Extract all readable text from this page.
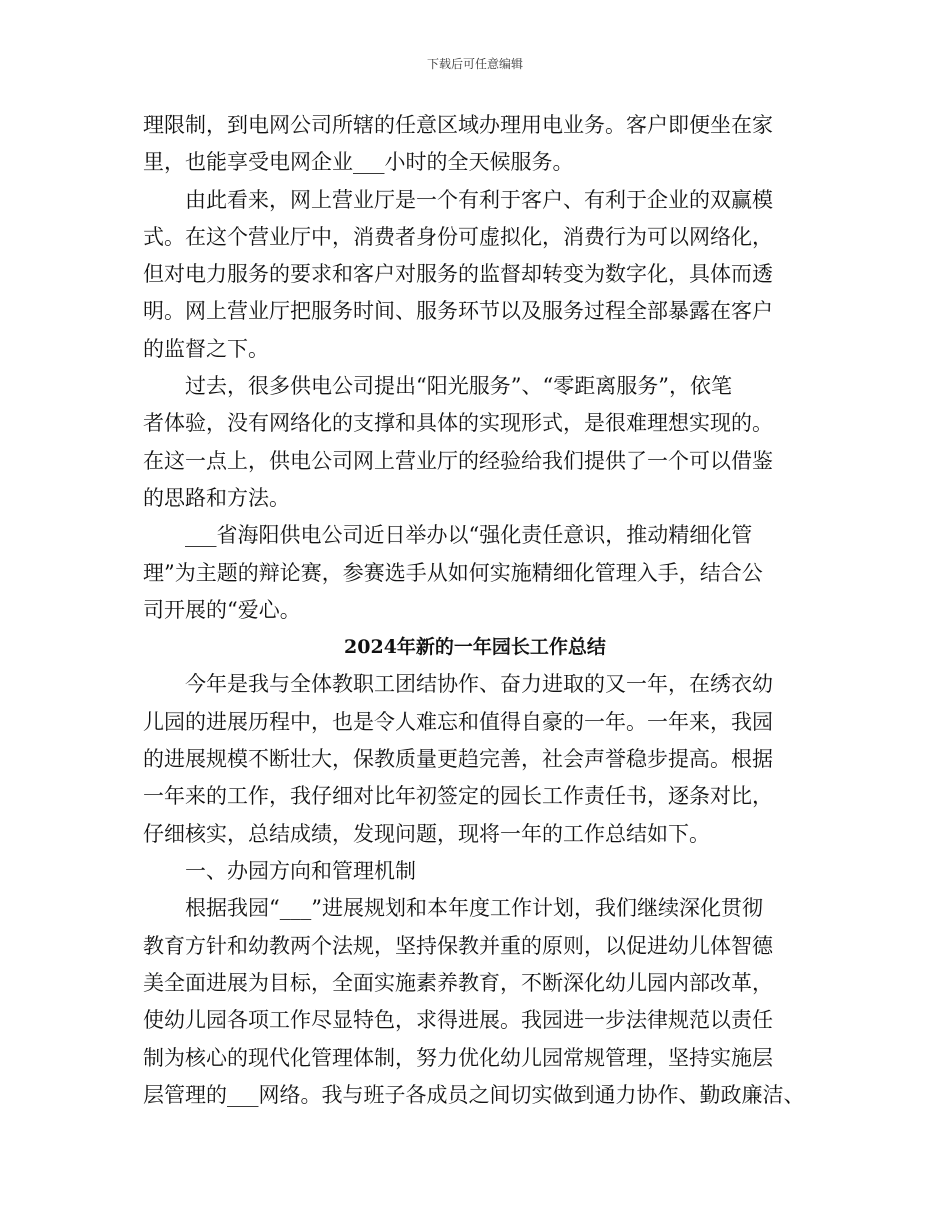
下载后可任意编辑
理限制，到电网公司所辖的任意区域办理用电业务。客户即便坐在家
里，也能享受电网企业___小时的全天候服务。
由此看来，网上营业厅是一个有利于客户、有利于企业的双赢模
式。在这个营业厅中，消费者身份可虚拟化，消费行为可以网络化，
但对电力服务的要求和客户对服务的监督却转变为数字化，具体而透
明。网上营业厅把服务时间、服务环节以及服务过程全部暴露在客户
的监督之下。
过去，很多供电公司提出“阳光服务”、“零距离服务”，依笔
者体验，没有网络化的支撑和具体的实现形式，是很难理想实现的。
在这一点上，供电公司网上营业厅的经验给我们提供了一个可以借鉴
的思路和方法。
___省海阳供电公司近日举办以“强化责任意识，推动精细化管
理”为主题的辩论赛，参赛选手从如何实施精细化管理入手，结合公
司开展的“爱心。
2024年新的一年园长工作总结
今年是我与全体教职工团结协作、奋力进取的又一年，在绣衣幼
儿园的进展历程中，也是令人难忘和值得自豪的一年。一年来，我园
的进展规模不断壮大，保教质量更趋完善，社会声誉稳步提高。根据
一年来的工作，我仔细对比年初签定的园长工作责任书，逐条对比，
仔细核实，总结成绩，发现问题，现将一年的工作总结如下。
一、办园方向和管理机制
根据我园“___”进展规划和本年度工作计划，我们继续深化贯彻
教育方针和幼教两个法规，坚持保教并重的原则，以促进幼儿体智德
美全面进展为目标，全面实施素养教育，不断深化幼儿园内部改革，
使幼儿园各项工作尽显特色，求得进展。我园进一步法律规范以责任
制为核心的现代化管理体制，努力优化幼儿园常规管理，坚持实施层
层管理的___网络。我与班子各成员之间切实做到通力协作、勤政廉洁、
